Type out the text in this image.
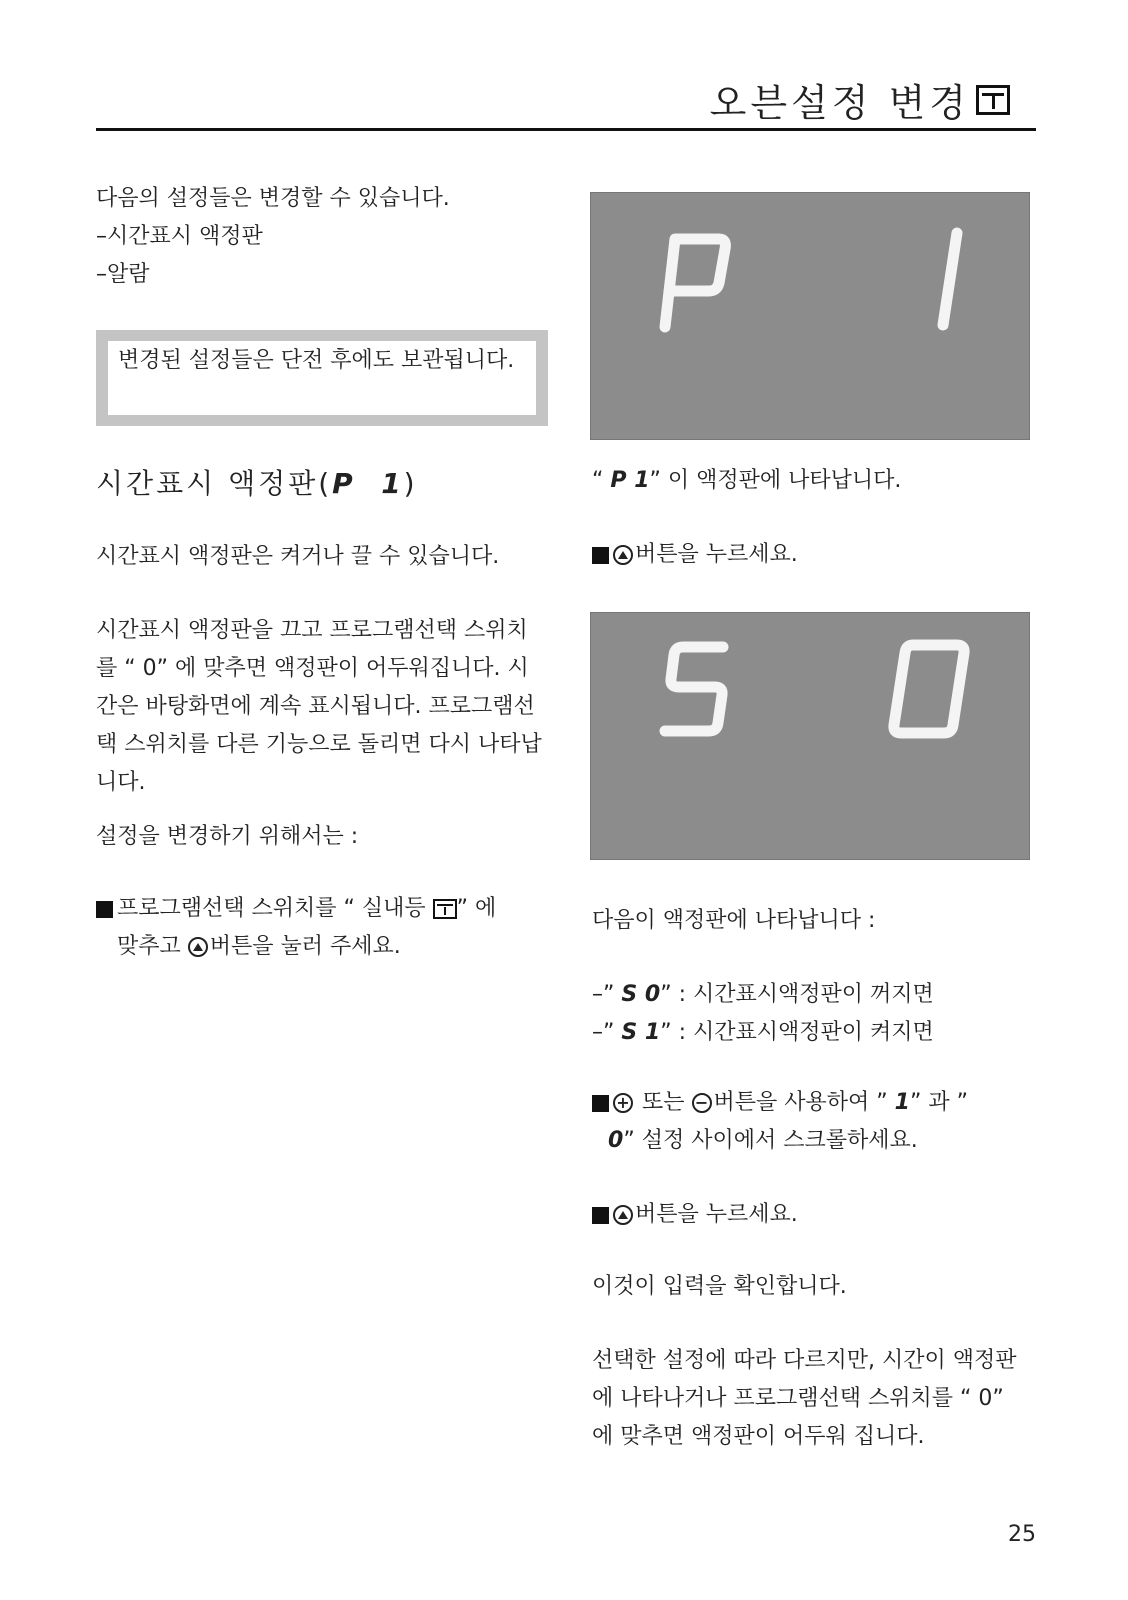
오븐설정 변경

다음의 설정들은 변경할 수 있습니다.

–시간표시 액정판

–알람

변경된 설정들은 단전 후에도 보관됩니다.
시간표시 액정판(P  1)

시간표시 액정판은 켜거나 끌 수 있습니다.

시간표시 액정판을 끄고 프로그램선택 스위치를 “ 0” 에 맞추면 액정판이 어두워집니다. 시간은 바탕화면에 계속 표시됩니다. 프로그램선택 스위치를 다른 기능으로 돌리면 다시 나타납니다.

설정을 변경하기 위해서는 :

프로그램선택 스위치를 “ 실내등 ” 에
맞추고
버튼을 눌러 주세요.
“ P 1” 이 액정판에 나타납니다.
버튼을 누르세요.

다음이 액정판에 나타납니다 :

–” S 0” : 시간표시액정판이 꺼지면
–” S 1” : 시간표시액정판이 켜지면
+ 또는 − 버튼을 사용하여 ” 1” 과 ”
0” 설정 사이에서 스크롤하세요.
버튼을 누르세요.

이것이 입력을 확인합니다.

선택한 설정에 따라 다르지만, 시간이 액정판에 나타나거나 프로그램선택 스위치를 “ 0” 에 맞추면 액정판이 어두워 집니다.

25
